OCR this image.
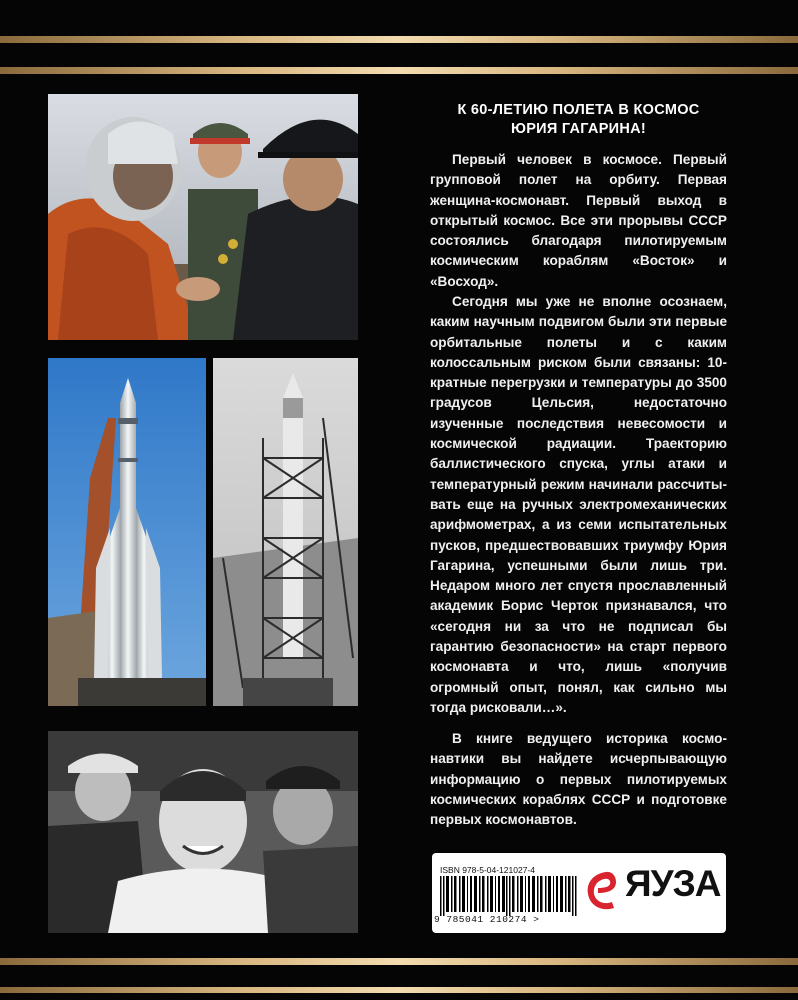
К 60-ЛЕТИЮ ПОЛЕТА В КОСМОС
ЮРИЯ ГАГАРИНА!
Первый человек в космосе. Первый групповой полет на орбиту. Первая женщина-космонавт. Первый выход в открытый космос. Все эти прорывы СССР состоялись благодаря пилотируемым космическим кораблям «Восток» и «Восход».
Сегодня мы уже не вполне осознаем, каким научным подвигом были эти первые орбитальные полеты и с каким колоссальным риском были связаны: 10-кратные перегрузки и температуры до 3500 градусов Цельсия, недостаточно изученные последствия невесомости и космической радиации. Траекторию баллистического спуска, углы атаки и температурный режим начинали рассчитывать еще на ручных электромеханических арифмометрах, а из семи испытательных пусков, предшествовавших триумфу Юрия Гагарина, успешными были лишь три. Недаром много лет спустя прославленный академик Борис Черток признавался, что «сегодня ни за что не подписал бы гарантию безопасности» на старт первого космонавта и что, лишь «получив огромный опыт, понял, как сильно мы тогда рисковали…».
В книге ведущего историка космонавтики вы найдете исчерпывающую информацию о первых пилотируемых космических кораблях СССР и подготовке первых космонавтов.
ISBN 978-5-04-121027-4
9 785041 210274 >
ЯУЗА
